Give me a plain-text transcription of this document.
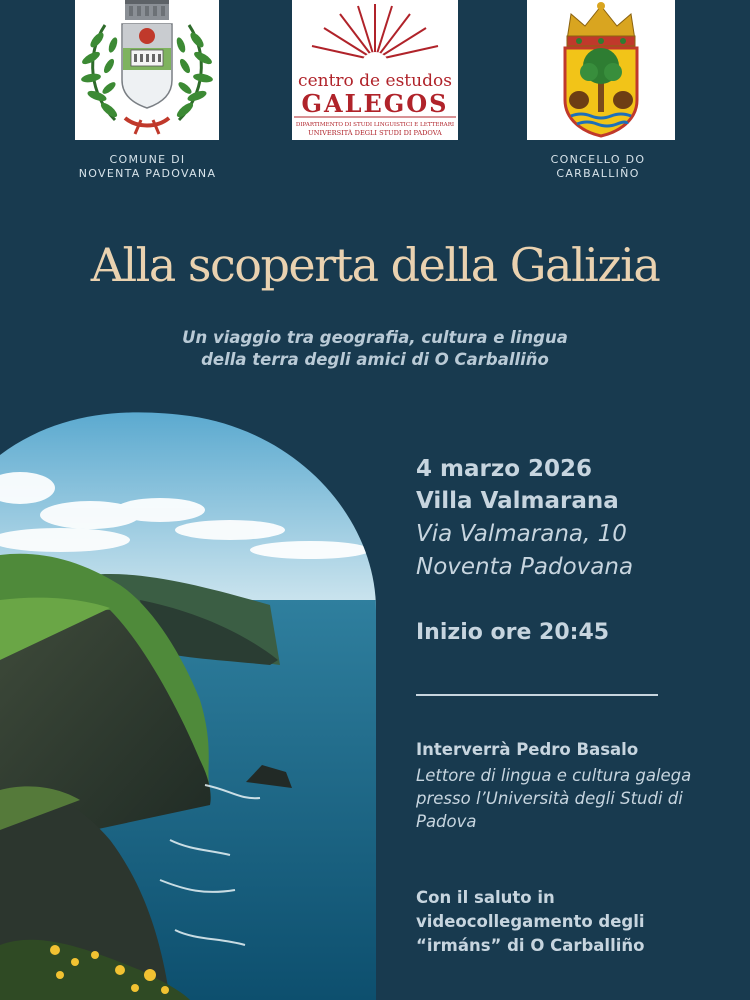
COMUNE DI
NOVENTA PADOVANA
centro de estudos
GALEGOS
DIPARTIMENTO DI STUDI LINGUISTICI E LETTERARI
UNIVERSITÀ DEGLI STUDI DI PADOVA
CONCELLO DO
CARBALLIÑO
Alla scoperta della Galizia
Un viaggio tra geografia, cultura e lingua
della terra degli amici di O Carballiño
4 marzo 2026
Villa Valmarana
Via Valmarana, 10
Noventa Padovana
Inizio ore 20:45
Interverrà Pedro Basalo
Lettore di lingua e cultura galega
presso l’Università degli Studi di
Padova
Con il saluto in
videocollegamento degli
“irmáns” di O Carballiño
